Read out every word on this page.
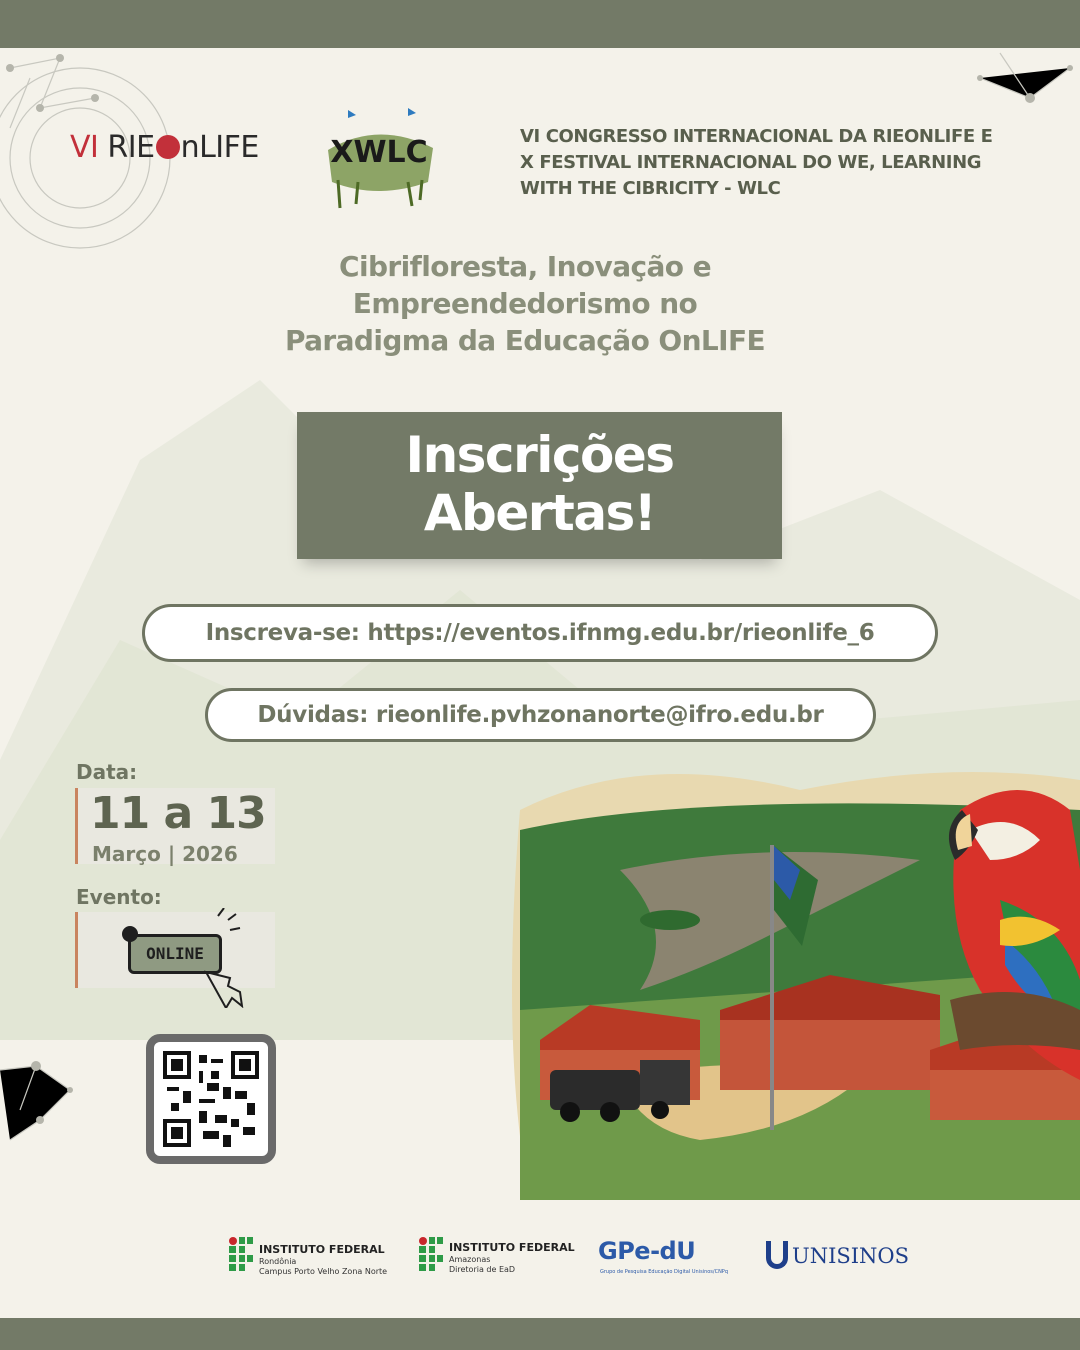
VI RIE nLIFE XWLC	VI CONGRESSO INTERNACIONAL DA RIEONLIFE E
X FESTIVAL INTERNACIONAL DO WE, LEARNING
WITH THE CIBRICITY - WLC
Cibrifloresta, Inovação e
Empreendedorismo no
Paradigma da Educação OnLIFE
Inscrições
Abertas!
Inscreva-se: https://eventos.ifnmg.edu.br/rieonlife_6
Dúvidas: rieonlife.pvhzonanorte@ifro.edu.br
Data:
11 a 13
Março | 2026
Evento:
ONLINE
INSTITUTO FEDERAL
Rondônia
Campus Porto Velho Zona Norte
INSTITUTO FEDERAL
Amazonas
Diretoria de EaD
GPe-dU
Grupo de Pesquisa Educação Digital Unisinos/CNPq
UNISINOS
